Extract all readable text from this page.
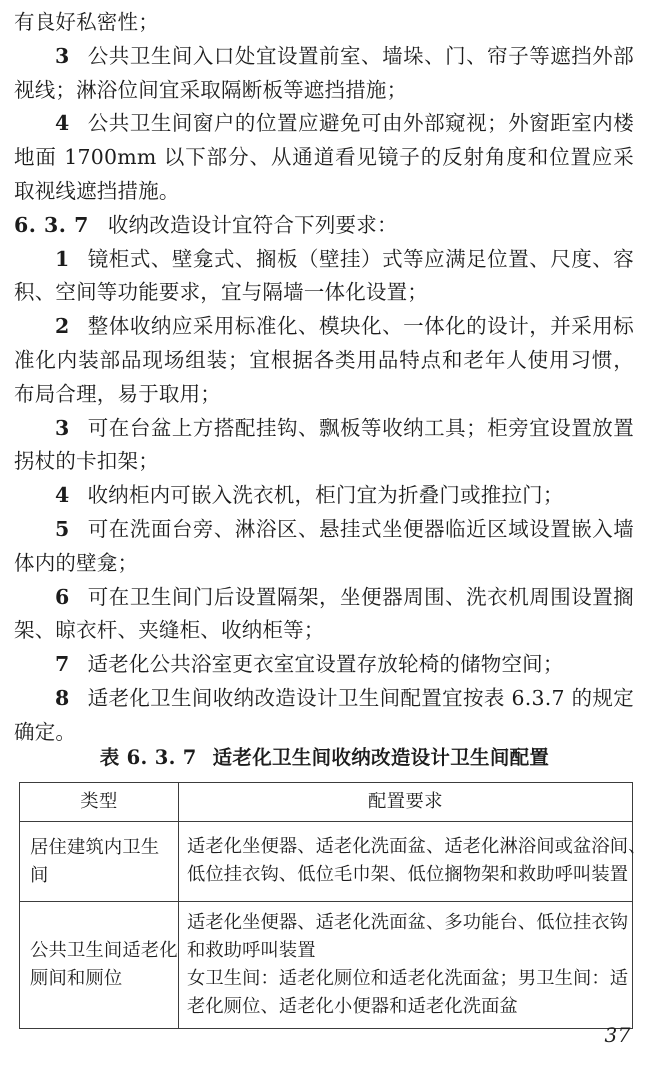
有良好私密性；

3 公共卫生间入口处宜设置前室、墙垛、门、帘子等遮挡外部视线；淋浴位间宜采取隔断板等遮挡措施；

4 公共卫生间窗户的位置应避免可由外部窥视；外窗距室内楼地面 1700mm 以下部分、从通道看见镜子的反射角度和位置应采取视线遮挡措施。

6. 3. 7 收纳改造设计宜符合下列要求：

1 镜柜式、壁龛式、搁板（壁挂）式等应满足位置、尺度、容积、空间等功能要求，宜与隔墙一体化设置；

2 整体收纳应采用标准化、模块化、一体化的设计，并采用标准化内装部品现场组装；宜根据各类用品特点和老年人使用习惯，布局合理，易于取用；

3 可在台盆上方搭配挂钩、飘板等收纳工具；柜旁宜设置放置拐杖的卡扣架；

4 收纳柜内可嵌入洗衣机，柜门宜为折叠门或推拉门；

5 可在洗面台旁、淋浴区、悬挂式坐便器临近区域设置嵌入墙体内的壁龛；

6 可在卫生间门后设置隔架，坐便器周围、洗衣机周围设置搁架、晾衣杆、夹缝柜、收纳柜等；

7 适老化公共浴室更衣室宜设置存放轮椅的储物空间；

8 适老化卫生间收纳改造设计卫生间配置宜按表 6.3.7 的规定确定。

表 6. 3. 7 适老化卫生间收纳改造设计卫生间配置
类型	配置要求
居住建筑内卫生间	适老化坐便器、适老化洗面盆、适老化淋浴间或盆浴间、
低位挂衣钩、低位毛巾架、低位搁物架和救助呼叫装置

公共卫生间适老化
厕间和厕位	适老化坐便器、适老化洗面盆、多功能台、低位挂衣钩
和救助呼叫装置
女卫生间：适老化厕位和适老化洗面盆；男卫生间：适
老化厕位、适老化小便器和适老化洗面盆
37
